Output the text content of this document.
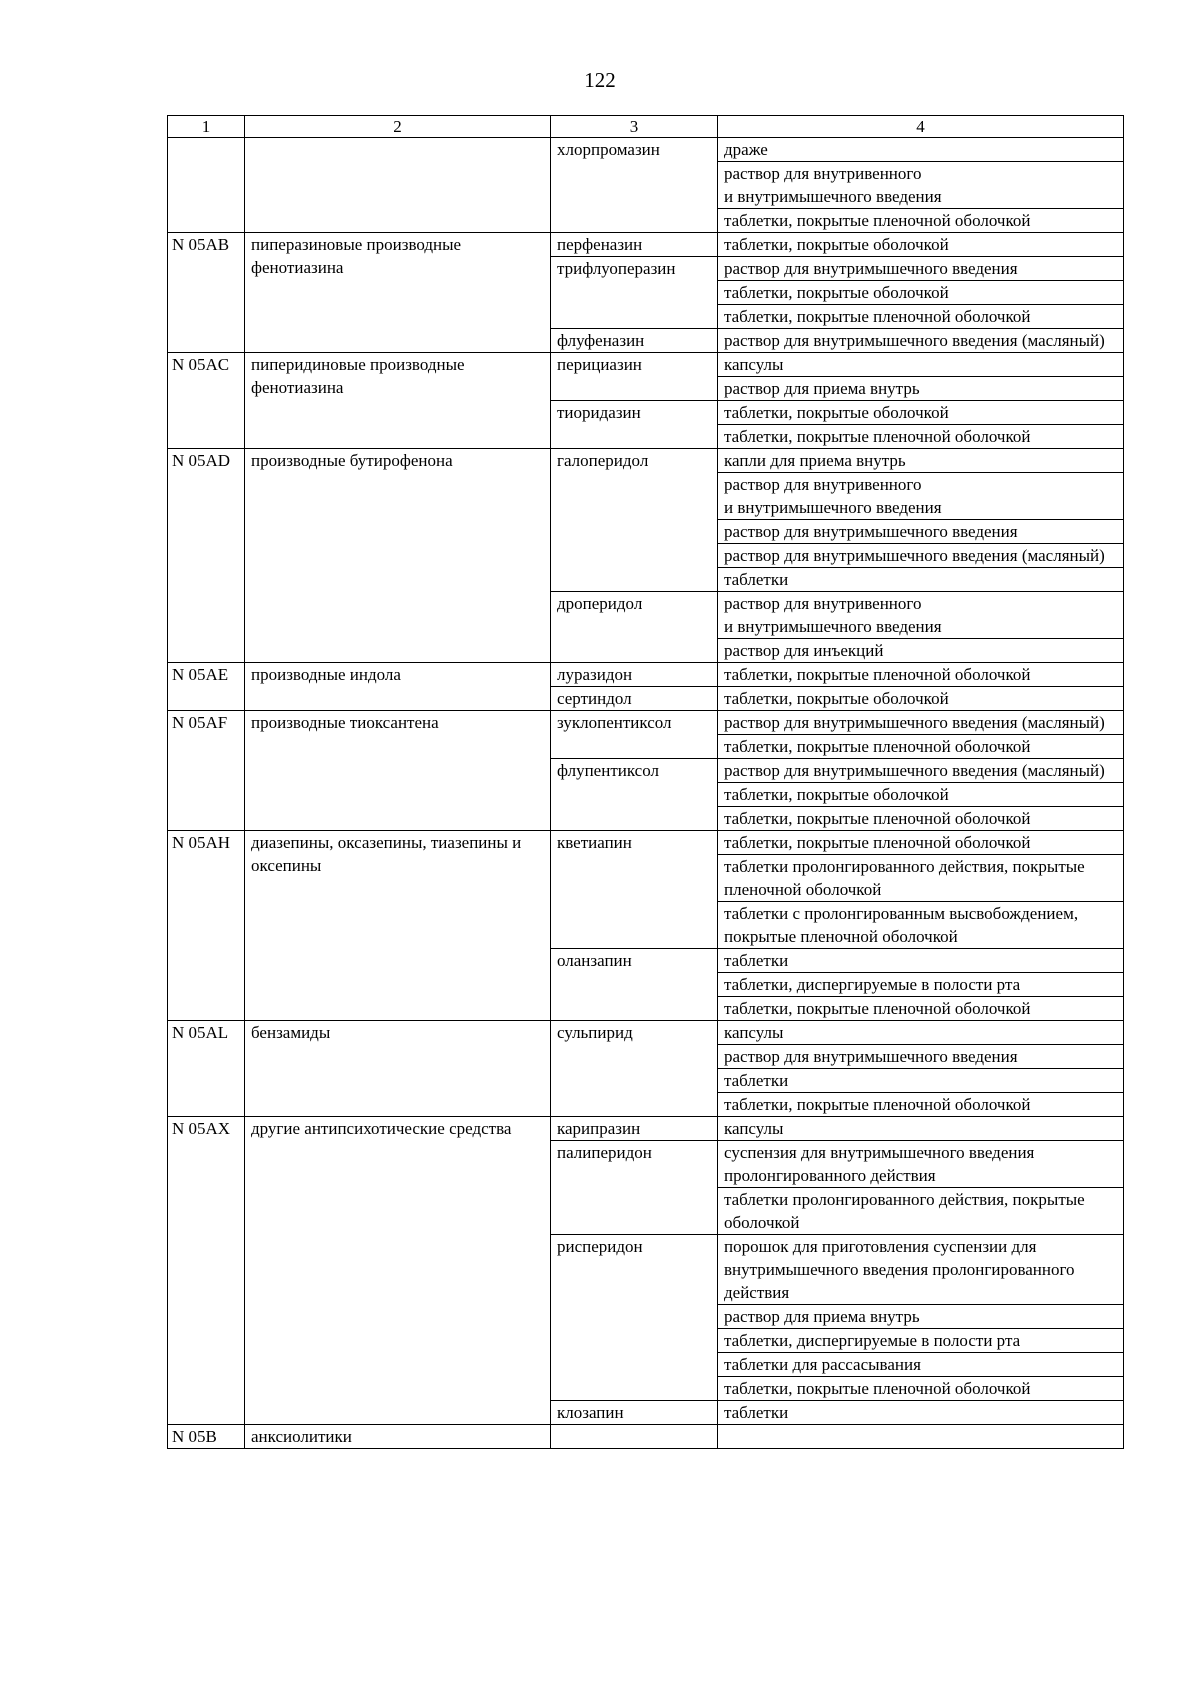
122
1	2	3	4
		хлорпромазин	драже
			раствор для внутривенного
и внутримышечного введения
			таблетки, покрытые пленочной оболочкой
N 05AB	пиперазиновые производные фенотиазина	перфеназин	таблетки, покрытые оболочкой
		трифлуоперазин	раствор для внутримышечного введения
			таблетки, покрытые оболочкой
			таблетки, покрытые пленочной оболочкой
		флуфеназин	раствор для внутримышечного введения (масляный)
N 05AC	пиперидиновые производные фенотиазина	перициазин	капсулы
			раствор для приема внутрь
		тиоридазин	таблетки, покрытые оболочкой
			таблетки, покрытые пленочной оболочкой
N 05AD	производные бутирофенона	галоперидол	капли для приема внутрь
			раствор для внутривенного
и внутримышечного введения
			раствор для внутримышечного введения
			раствор для внутримышечного введения (масляный)
			таблетки
		дроперидол	раствор для внутривенного
и внутримышечного введения
			раствор для инъекций
N 05AE	производные индола	луразидон	таблетки, покрытые пленочной оболочкой
		сертиндол	таблетки, покрытые оболочкой
N 05AF	производные тиоксантена	зуклопентиксол	раствор для внутримышечного введения (масляный)
			таблетки, покрытые пленочной оболочкой
		флупентиксол	раствор для внутримышечного введения (масляный)
			таблетки, покрытые оболочкой
			таблетки, покрытые пленочной оболочкой
N 05AH	диазепины, оксазепины, тиазепины и оксепины	кветиапин	таблетки, покрытые пленочной оболочкой
			таблетки пролонгированного действия, покрытые пленочной оболочкой
			таблетки с пролонгированным высвобождением, покрытые пленочной оболочкой
		оланзапин	таблетки
			таблетки, диспергируемые в полости рта
			таблетки, покрытые пленочной оболочкой
N 05AL	бензамиды	сульпирид	капсулы
			раствор для внутримышечного введения
			таблетки
			таблетки, покрытые пленочной оболочкой
N 05AX	другие антипсихотические средства	карипразин	капсулы
		палиперидон	суспензия для внутримышечного введения пролонгированного действия
			таблетки пролонгированного действия, покрытые оболочкой
		рисперидон	порошок для приготовления суспензии для внутримышечного введения пролонгированного действия
			раствор для приема внутрь
			таблетки, диспергируемые в полости рта
			таблетки для рассасывания
			таблетки, покрытые пленочной оболочкой
		клозапин	таблетки
N 05B	анксиолитики		
